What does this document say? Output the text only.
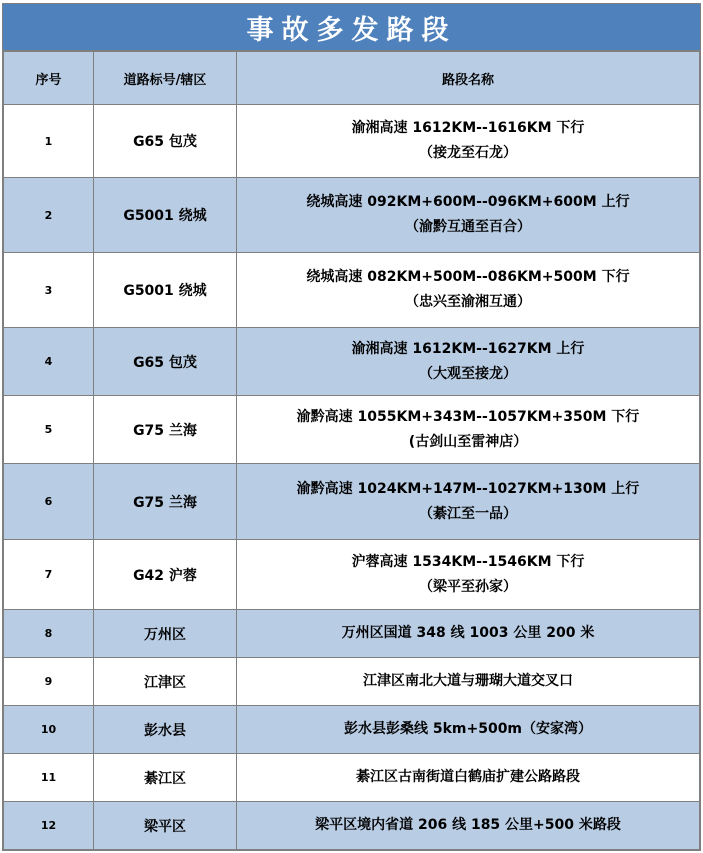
事故多发路段
序号	道路标号/辖区	路段名称
1	G65 包茂	渝湘高速 1612KM--1616KM 下行
（接龙至石龙）

2	G5001 绕城	绕城高速 092KM+600M--096KM+600M 上行
（渝黔互通至百合）

3	G5001 绕城	绕城高速 082KM+500M--086KM+500M 下行
（忠兴至渝湘互通）

4	G65 包茂	渝湘高速 1612KM--1627KM 上行
（大观至接龙）

5	G75 兰海	渝黔高速 1055KM+343M--1057KM+350M 下行
(古剑山至雷神店）

6	G75 兰海	渝黔高速 1024KM+147M--1027KM+130M 上行
（綦江至一品）

7	G42 沪蓉	沪蓉高速 1534KM--1546KM 下行
（梁平至孙家）

8	万州区	万州区国道 348 线 1003 公里 200 米
9	江津区	江津区南北大道与珊瑚大道交叉口
10	彭水县	彭水县彭桑线 5km+500m（安家湾）
11	綦江区	綦江区古南街道白鹤庙扩建公路路段
12	梁平区	梁平区境内省道 206 线 185 公里+500 米路段
